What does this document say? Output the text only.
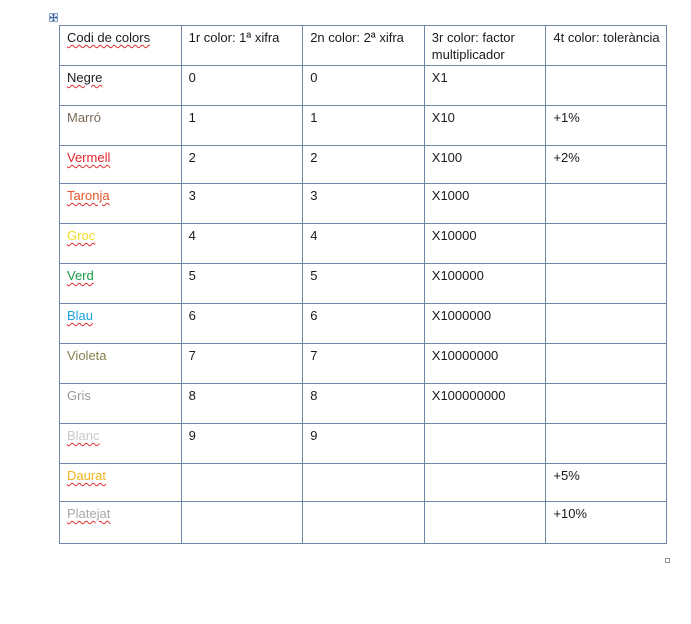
Codi de colors	1r color: 1ª xifra	2n color: 2ª xifra	3r color: factor multiplicador	4t color: tolerància
Negre	0	0	X1	
Marró	1	1	X10	+1%
Vermell	2	2	X100	+2%
Taronja	3	3	X1000	
Groc	4	4	X10000	
Verd	5	5	X100000	
Blau	6	6	X1000000	
Violeta	7	7	X10000000	
Gris	8	8	X100000000	
Blanc	9	9		
Daurat				+5%
Platejat				+10%
